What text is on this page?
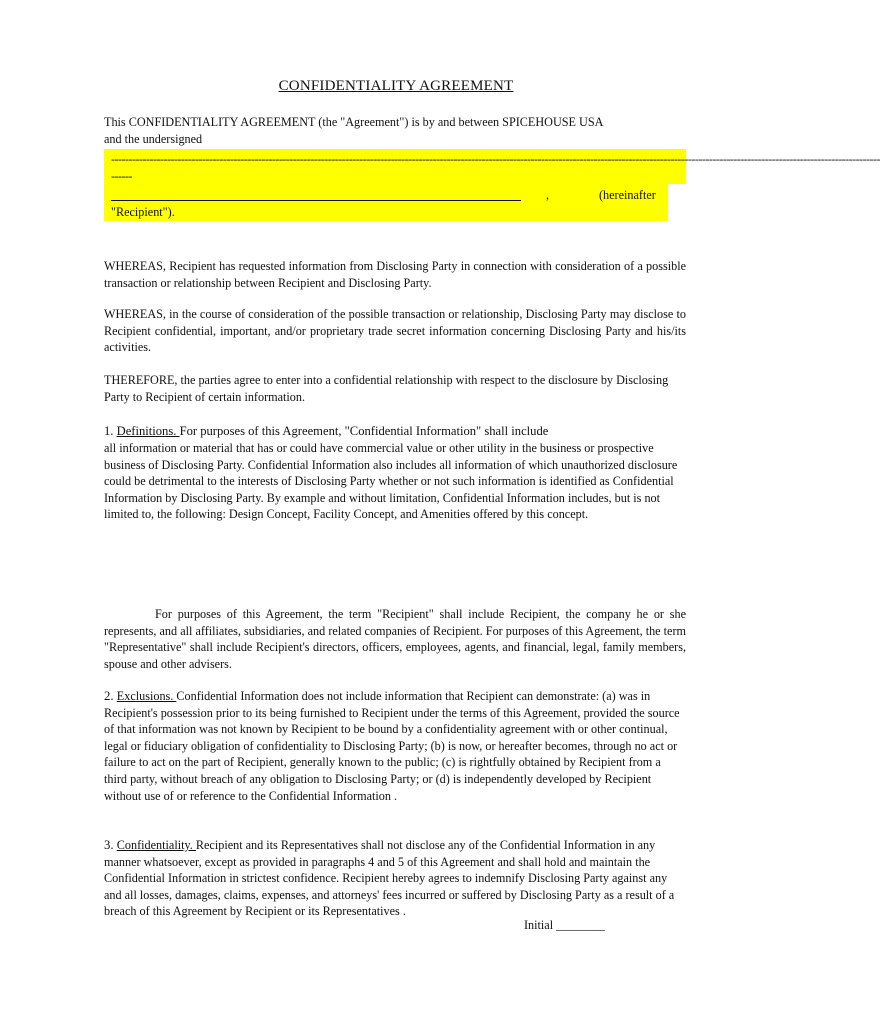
CONFIDENTIALITY AGREEMENT

This CONFIDENTIALITY AGREEMENT (the "Agreement") is by and between SPICEHOUSE USA

and the undersigned

----------------------------------------------------------------------------------------------------------------------------------------------------------------------------------------------------------------------------
------
,	(hereinafter
"Recipient").

WHEREAS, Recipient has requested information from Disclosing Party in connection with consideration of a possible transaction or relationship between Recipient and Disclosing Party.

WHEREAS, in the course of consideration of the possible transaction or relationship, Disclosing Party may disclose to Recipient confidential, important, and/or proprietary trade secret information concerning Disclosing Party and his/its activities.

THEREFORE, the parties agree to enter into a confidential relationship with respect to the disclosure by Disclosing Party to Recipient of certain information.

1. Definitions. For purposes of this Agreement, "Confidential Information" shall include

all information or material that has or could have commercial value or other utility in the business or prospective business of Disclosing Party. Confidential Information also includes all information of which unauthorized disclosure could be detrimental to the interests of Disclosing Party whether or not such information is identified as Confidential Information by Disclosing Party. By example and without limitation, Confidential Information includes, but is not limited to, the following: Design Concept, Facility Concept, and Amenities offered by this concept.

For purposes of this Agreement, the term "Recipient" shall include Recipient, the company he or she represents, and all affiliates, subsidiaries, and related companies of Recipient. For purposes of this Agreement, the term "Representative" shall include Recipient's directors, officers, employees, agents, and financial, legal, family members, spouse and other advisers.

2. Exclusions. Confidential Information does not include information that Recipient can demonstrate: (a) was in Recipient's possession prior to its being furnished to Recipient under the terms of this Agreement, provided the source of that information was not known by Recipient to be bound by a confidentiality agreement with or other continual, legal or fiduciary obligation of confidentiality to Disclosing Party; (b) is now, or hereafter becomes, through no act or failure to act on the part of Recipient, generally known to the public; (c) is rightfully obtained by Recipient from a third party, without breach of any obligation to Disclosing Party; or (d) is independently developed by Recipient without use of or reference to the Confidential Information .

3. Confidentiality. Recipient and its Representatives shall not disclose any of the Confidential Information in any manner whatsoever, except as provided in paragraphs 4 and 5 of this Agreement and shall hold and maintain the Confidential Information in strictest confidence. Recipient hereby agrees to indemnify Disclosing Party against any and all losses, damages, claims, expenses, and attorneys' fees incurred or suffered by Disclosing Party as a result of a breach of this Agreement by Recipient or its Representatives .

Initial ________
